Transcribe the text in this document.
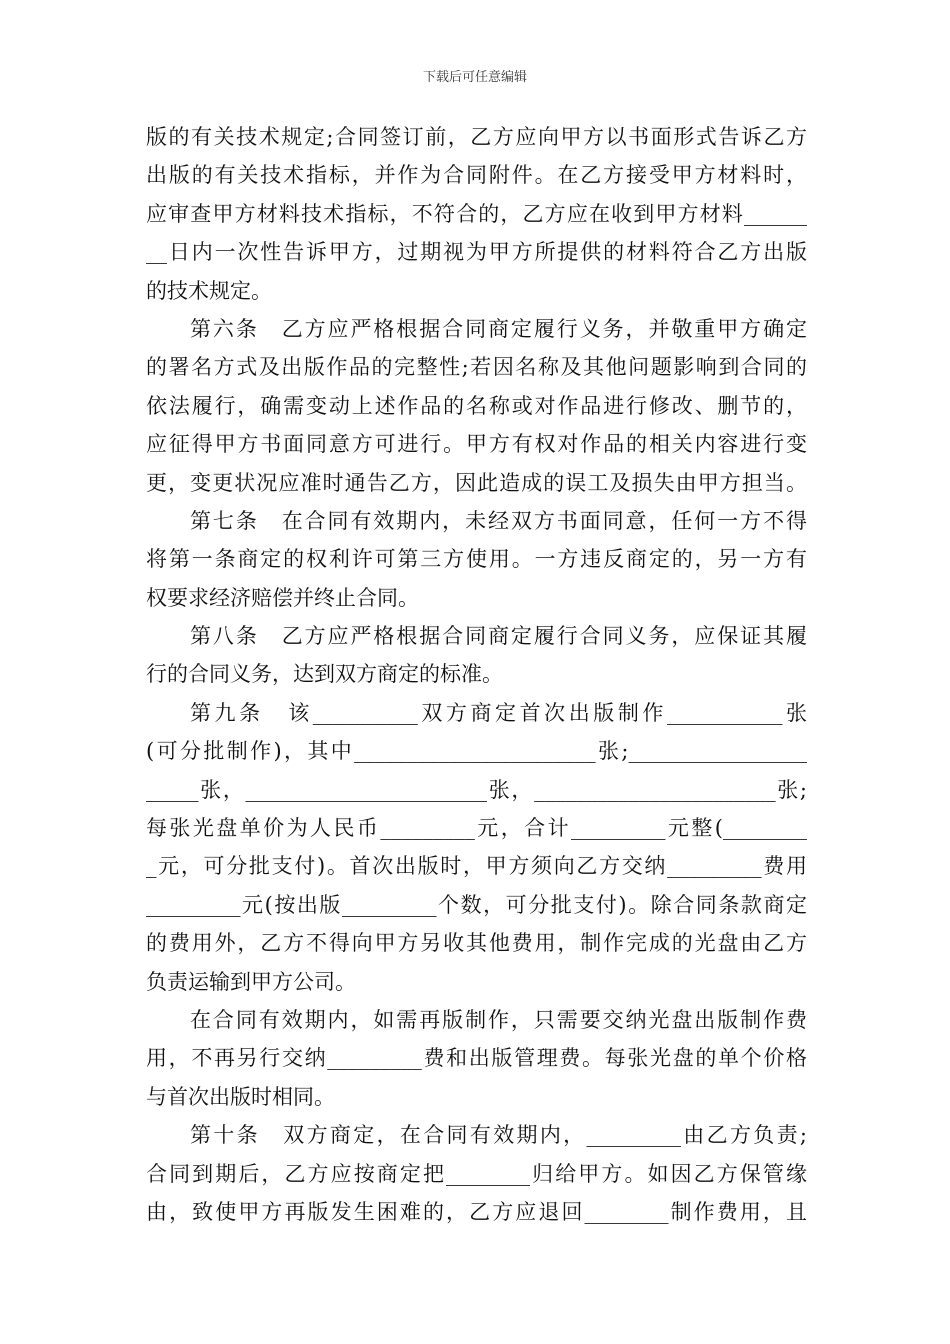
下载后可任意编辑
版的有关技术规定;合同签订前，乙方应向甲方以书面形式告诉乙方
出版的有关技术指标，并作为合同附件。在乙方接受甲方材料时，
应审查甲方材料技术指标，不符合的，乙方应在收到甲方材料______
__日内一次性告诉甲方，过期视为甲方所提供的材料符合乙方出版
的技术规定。
第六条　乙方应严格根据合同商定履行义务，并敬重甲方确定
的署名方式及出版作品的完整性;若因名称及其他问题影响到合同的
依法履行，确需变动上述作品的名称或对作品进行修改、删节的，
应征得甲方书面同意方可进行。甲方有权对作品的相关内容进行变
更，变更状况应准时通告乙方，因此造成的误工及损失由甲方担当。
第七条　在合同有效期内，未经双方书面同意，任何一方不得
将第一条商定的权利许可第三方使用。一方违反商定的，另一方有
权要求经济赔偿并终止合同。
第八条　乙方应严格根据合同商定履行合同义务，应保证其履
行的合同义务，达到双方商定的标准。
第九条　该__________双方商定首次出版制作___________张
(可分批制作)，其中_______________________张;_________________
_____张，_______________________张，_______________________张;
每张光盘单价为人民币_________元，合计_________元整(________
_元，可分批支付)。首次出版时，甲方须向乙方交纳_________费用
_________元(按出版_________个数，可分批支付)。除合同条款商定
的费用外，乙方不得向甲方另收其他费用，制作完成的光盘由乙方
负责运输到甲方公司。
在合同有效期内，如需再版制作，只需要交纳光盘出版制作费
用，不再另行交纳_________费和出版管理费。每张光盘的单个价格
与首次出版时相同。
第十条　双方商定，在合同有效期内，_________由乙方负责;
合同到期后，乙方应按商定把________归给甲方。如因乙方保管缘
由，致使甲方再版发生困难的，乙方应退回________制作费用，且
